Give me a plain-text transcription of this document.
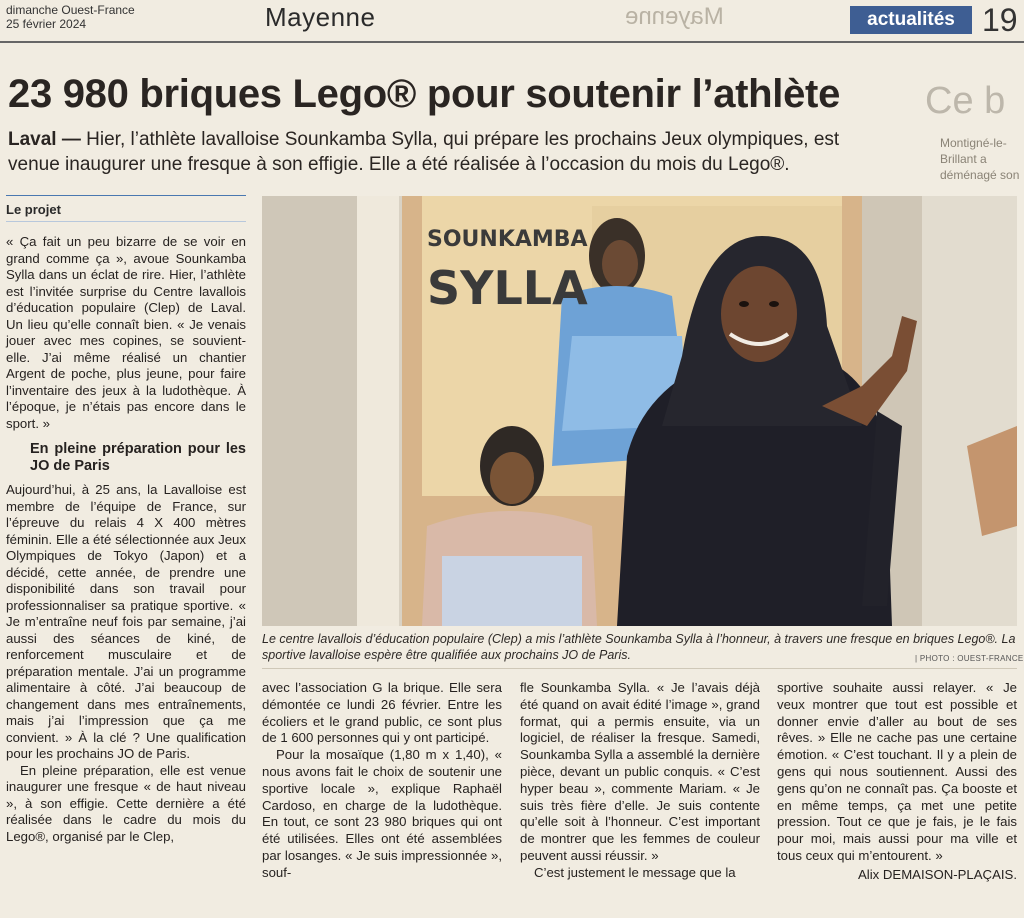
dimanche Ouest-France
25 février 2024	Mayenne	Mayenne	actualités 19
23 980 briques Lego® pour soutenir l’athlète Ce b
Laval — Hier, l’athlète lavalloise Sounkamba Sylla, qui prépare les prochains Jeux olympiques, est venue inaugurer une fresque à son effigie. Elle a été réalisée à l’occasion du mois du Lego®.
Montigné-le-Brillant a déménagé son
Le projet

« Ça fait un peu bizarre de se voir en grand comme ça », avoue Sounkamba Sylla dans un éclat de rire. Hier, l’athlète est l’invitée surprise du Centre lavallois d’éducation populaire (Clep) de Laval. Un lieu qu’elle connaît bien. « Je venais jouer avec mes copines, se souvient-elle. J’ai même réalisé un chantier Argent de poche, plus jeune, pour faire l’inventaire des jeux à la ludothèque. À l’époque, je n’étais pas encore dans le sport. »

En pleine préparation pour les JO de Paris

Aujourd’hui, à 25 ans, la Lavalloise est membre de l’équipe de France, sur l’épreuve du relais 4 X 400 mètres féminin. Elle a été sélectionnée aux Jeux Olympiques de Tokyo (Japon) et a décidé, cette année, de prendre une disponibilité dans son travail pour professionnaliser sa pratique sportive. « Je m’entraîne neuf fois par semaine, j’ai aussi des séances de kiné, de renforcement musculaire et de préparation mentale. J’ai un programme alimentaire à côté. J’ai beaucoup de changement dans mes entraînements, mais j’ai l’impression que ça me convient. » À la clé ? Une qualification pour les prochains JO de Paris.

En pleine préparation, elle est venue inaugurer une fresque « de haut niveau », à son effigie. Cette dernière a été réalisée dans le cadre du mois du Lego®, organisé par le Clep,

SOUNKAMBA
SYLLA
Le centre lavallois d’éducation populaire (Clep) a mis l’athlète Sounkamba Sylla à l’honneur, à travers une fresque en briques Lego®. La sportive lavalloise espère être qualifiée aux prochains JO de Paris.	| PHOTO : OUEST-FRANCE

avec l’association G la brique. Elle sera démontée ce lundi 26 février. Entre les écoliers et le grand public, ce sont plus de 1 600 personnes qui y ont participé.

Pour la mosaïque (1,80 m x 1,40), « nous avons fait le choix de soutenir une sportive locale », explique Raphaël Cardoso, en charge de la ludothèque. En tout, ce sont 23 980 briques qui ont été utilisées. Elles ont été assemblées par losanges. « Je suis impressionnée », souf-

fle Sounkamba Sylla. « Je l’avais déjà été quand on avait édité l’image », grand format, qui a permis ensuite, via un logiciel, de réaliser la fresque. Samedi, Sounkamba Sylla a assemblé la dernière pièce, devant un public conquis. « C’est hyper beau », commente Mariam. « Je suis très fière d’elle. Je suis contente qu’elle soit à l’honneur. C’est important de montrer que les femmes de couleur peuvent aussi réussir. »

C’est justement le message que la

sportive souhaite aussi relayer. « Je veux montrer que tout est possible et donner envie d’aller au bout de ses rêves. » Elle ne cache pas une certaine émotion. « C’est touchant. Il y a plein de gens qui nous soutiennent. Aussi des gens qu’on ne connaît pas. Ça booste et en même temps, ça met une petite pression. Tout ce que je fais, je le fais pour moi, mais aussi pour ma ville et tous ceux qui m’entourent. »

Alix DEMAISON-PLAÇAIS.
